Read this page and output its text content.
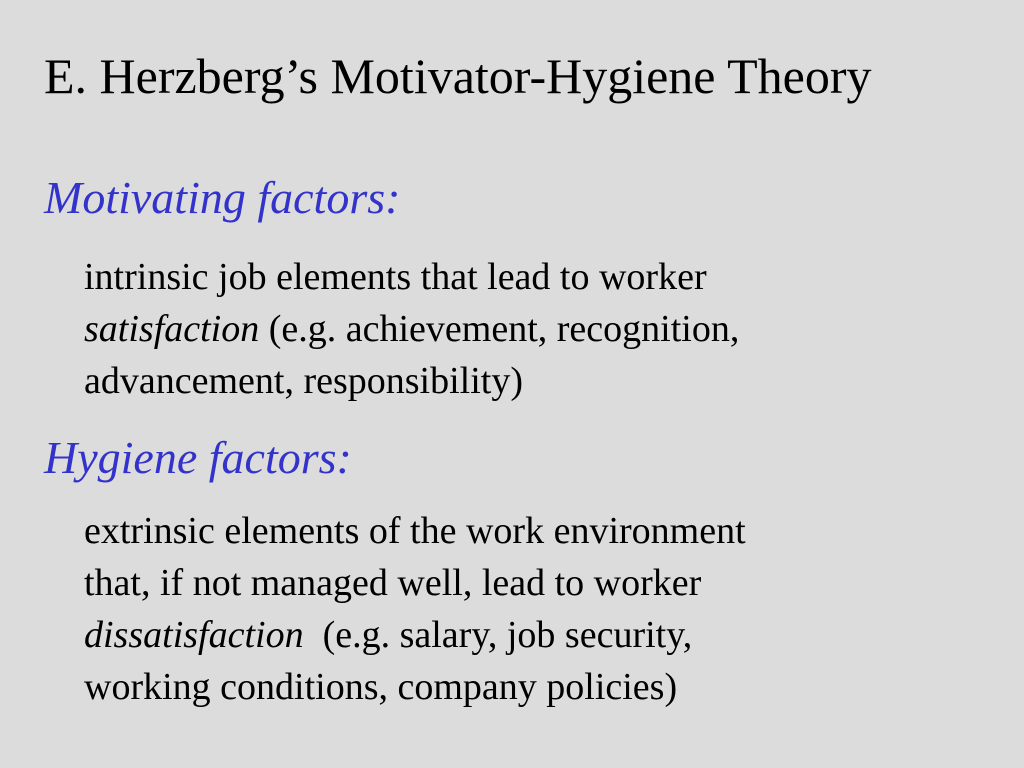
E. Herzberg’s Motivator-Hygiene Theory
Motivating factors:

intrinsic job elements that lead to worker
satisfaction (e.g. achievement, recognition,
advancement, responsibility)

Hygiene factors:

extrinsic elements of the work environment
that, if not managed well, lead to worker
dissatisfaction  (e.g. salary, job security,
working conditions, company policies)
